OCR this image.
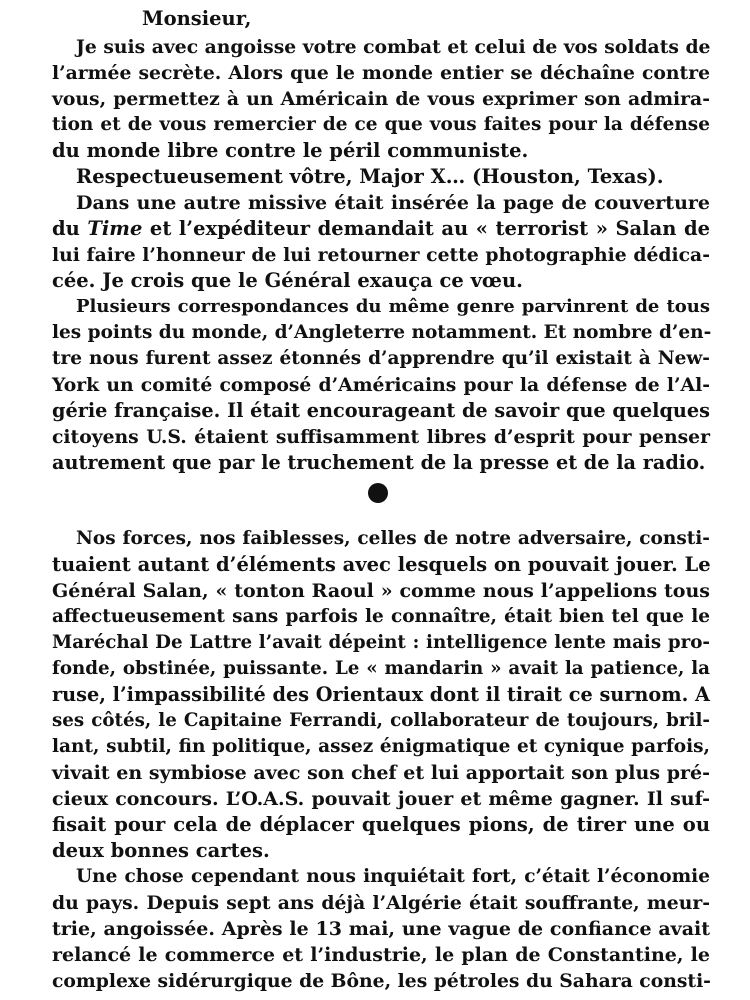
Monsieur,
Je suis avec angoisse votre combat et celui de vos soldats de
l’armée secrète. Alors que le monde entier se déchaîne contre
vous, permettez à un Américain de vous exprimer son admira-
tion et de vous remercier de ce que vous faites pour la défense
du monde libre contre le péril communiste.
Respectueusement vôtre, Major X… (Houston, Texas).
Dans une autre missive était insérée la page de couverture
du Time et l’expéditeur demandait au « terrorist » Salan de
lui faire l’honneur de lui retourner cette photographie dédica-
cée. Je crois que le Général exauça ce vœu.
Plusieurs correspondances du même genre parvinrent de tous
les points du monde, d’Angleterre notamment. Et nombre d’en-
tre nous furent assez étonnés d’apprendre qu’il existait à New-
York un comité composé d’Américains pour la défense de l’Al-
gérie française. Il était encourageant de savoir que quelques
citoyens U.S. étaient suffisamment libres d’esprit pour penser
autrement que par le truchement de la presse et de la radio.
Nos forces, nos faiblesses, celles de notre adversaire, consti-
tuaient autant d’éléments avec lesquels on pouvait jouer. Le
Général Salan, « tonton Raoul » comme nous l’appelions tous
affectueusement sans parfois le connaître, était bien tel que le
Maréchal De Lattre l’avait dépeint : intelligence lente mais pro-
fonde, obstinée, puissante. Le « mandarin » avait la patience, la
ruse, l’impassibilité des Orientaux dont il tirait ce surnom. A
ses côtés, le Capitaine Ferrandi, collaborateur de toujours, bril-
lant, subtil, fin politique, assez énigmatique et cynique parfois,
vivait en symbiose avec son chef et lui apportait son plus pré-
cieux concours. L’O.A.S. pouvait jouer et même gagner. Il suf-
fisait pour cela de déplacer quelques pions, de tirer une ou
deux bonnes cartes.
Une chose cependant nous inquiétait fort, c’était l’économie
du pays. Depuis sept ans déjà l’Algérie était souffrante, meur-
trie, angoissée. Après le 13 mai, une vague de confiance avait
relancé le commerce et l’industrie, le plan de Constantine, le
complexe sidérurgique de Bône, les pétroles du Sahara consti-
